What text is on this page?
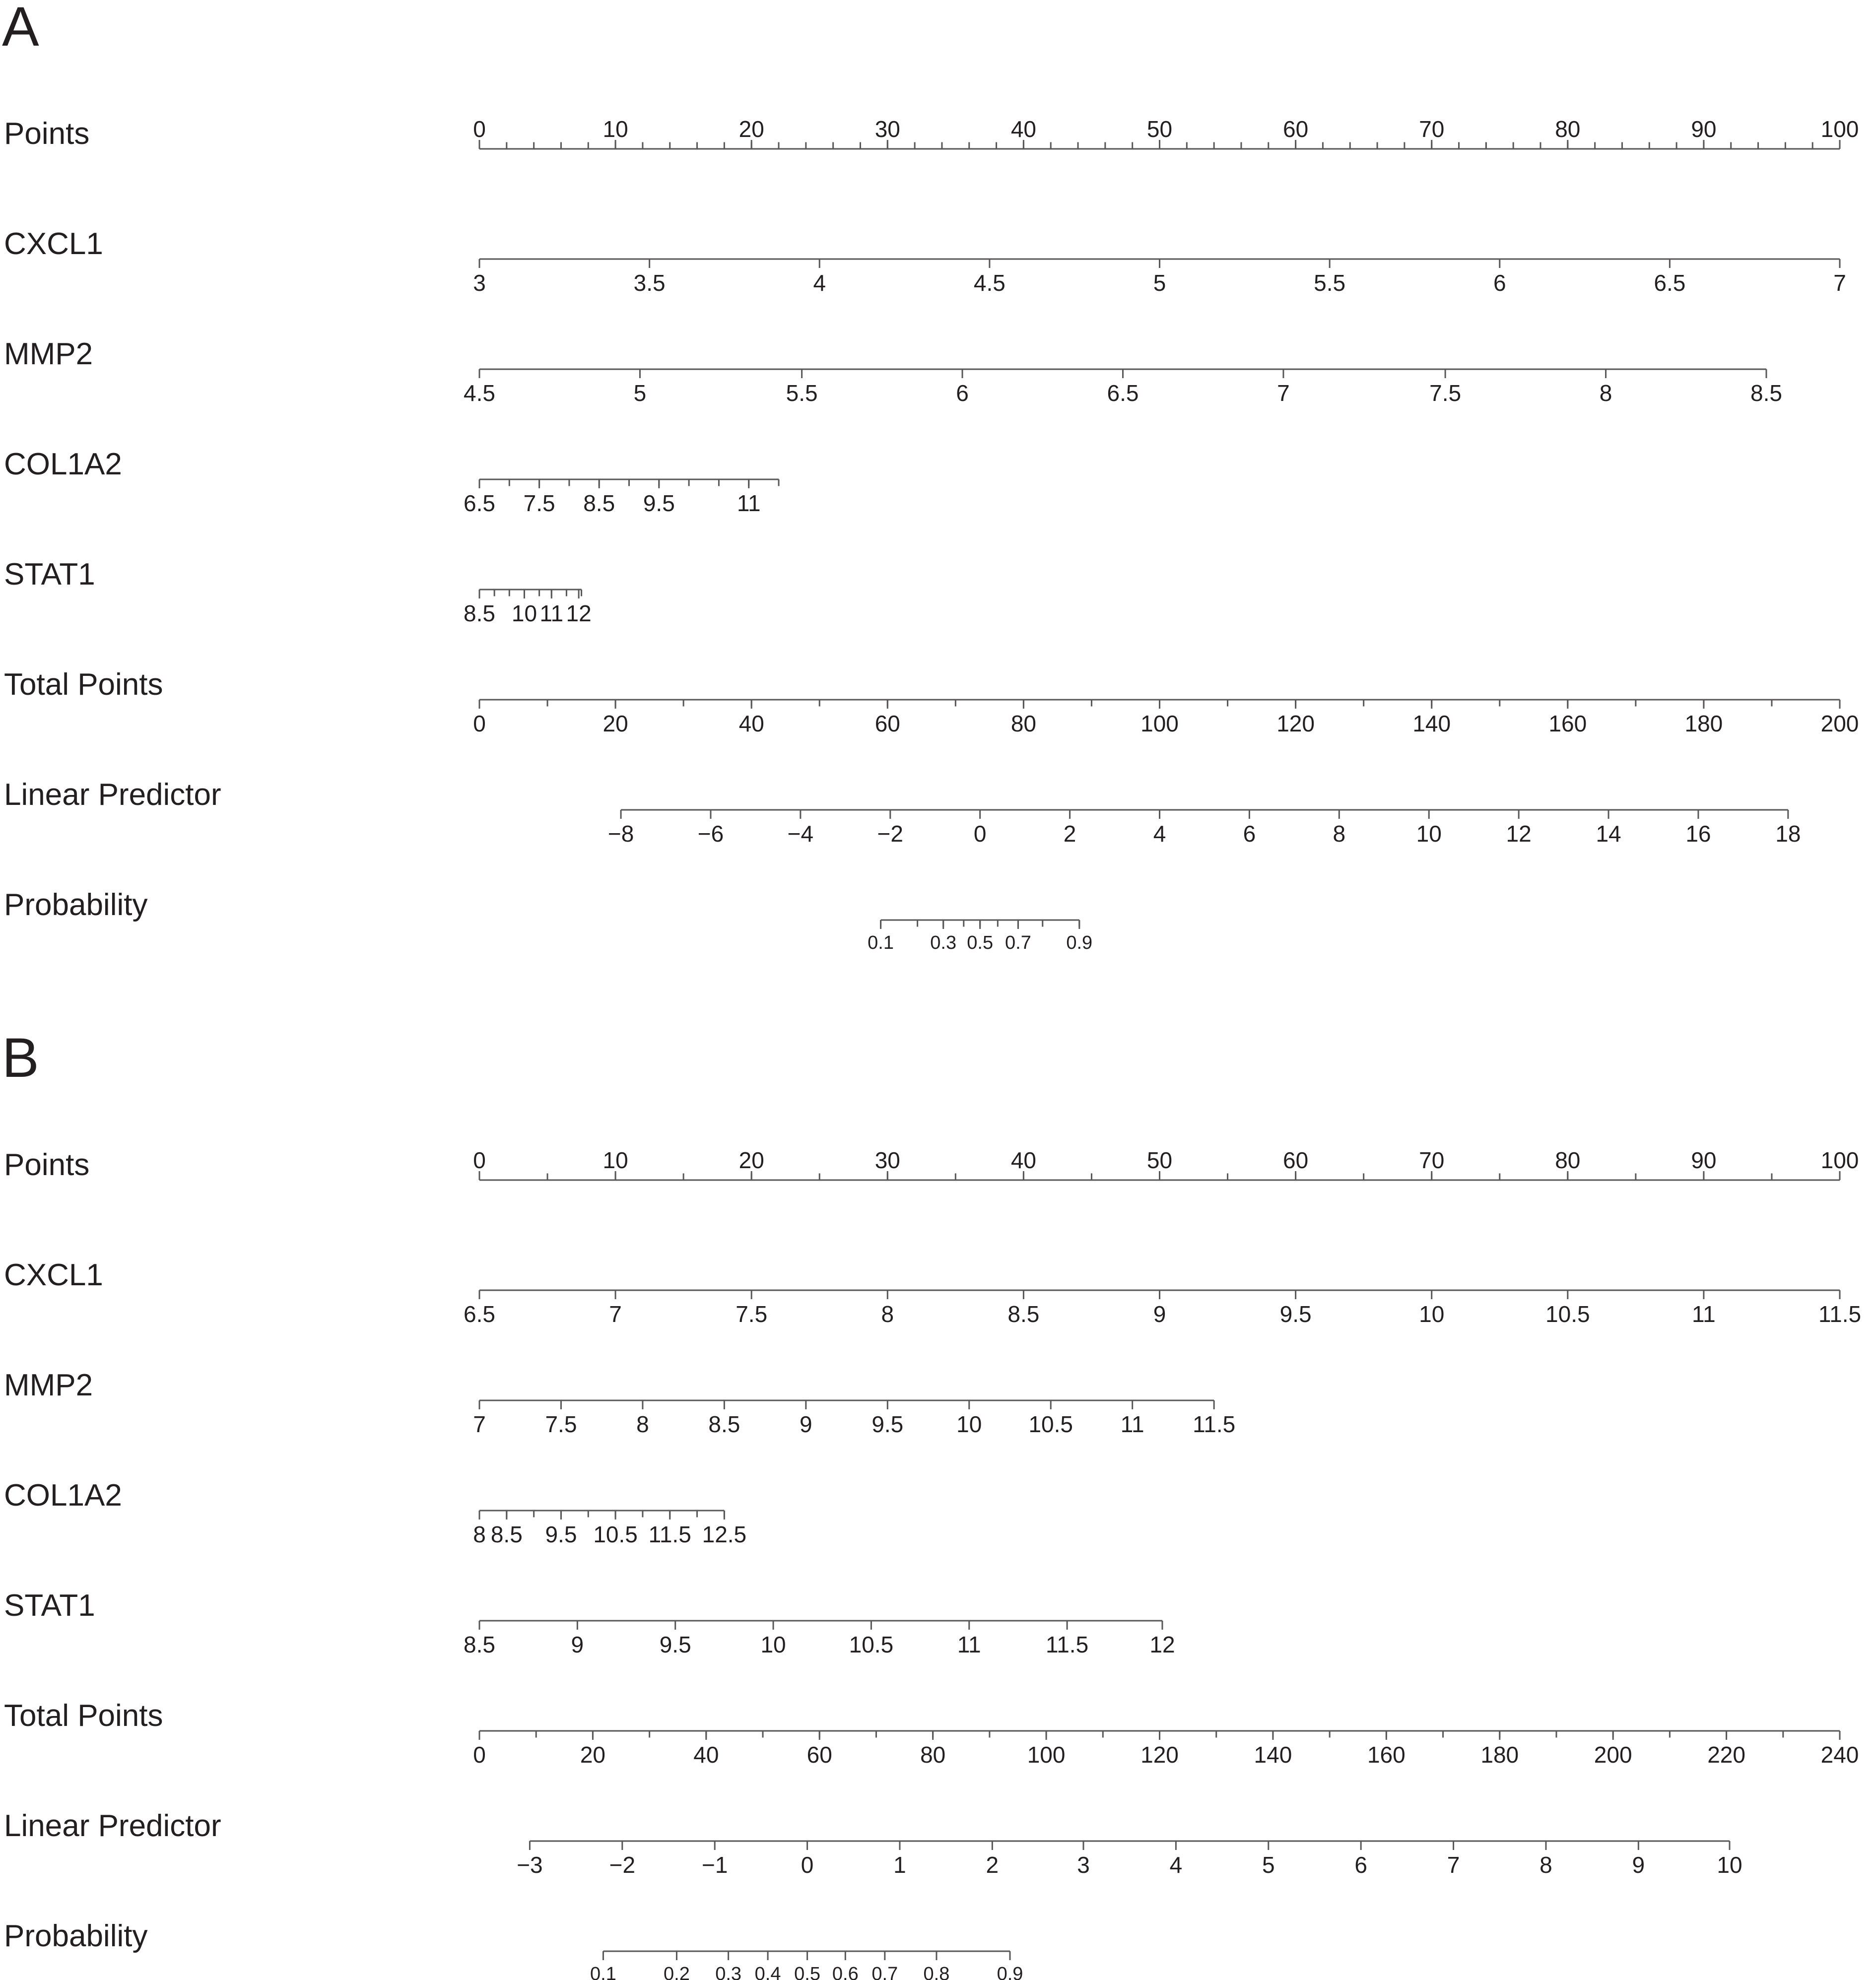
A
Points	0	10	20	30	40	50	60	70	80	90	100
CXCL1
3	3.5	4	4.5	5	5.5	6	6.5	7
MMP2
4.5	5	5.5	6	6.5	7	7.5	8	8.5
COL1A2
6.5 7.5 8.5 9.5	11
STAT1
8.5 10 11 12
Total Points
0	20	40	60	80	100	120	140	160	180	200
Linear Predictor
−8	−6	−4	−2	0	2	4	6	8	10	12	14	16	18
Probability
0.1 0.3 0.5 0.7 0.9
B
Points	0	10	20	30	40	50	60	70	80	90	100
CXCL1
6.5	7	7.5	8	8.5	9	9.5	10	10.5	11	11.5
MMP2
7	7.5	8	8.5	9	9.5 10 10.5 11 11.5
COL1A2
8 8.5 9.5 10.5 11.5 12.5
STAT1
8.5	9	9.5	10	10.5	11	11.5	12
Total Points
0	20	40	60	80	100	120	140	160	180	200	220	240
Linear Predictor
−3	−2	−1	0	1	2	3	4	5	6	7	8	9	10
Probability
0.1	0.2 0.3 0.4 0.5 0.6 0.7 0.8	0.9
